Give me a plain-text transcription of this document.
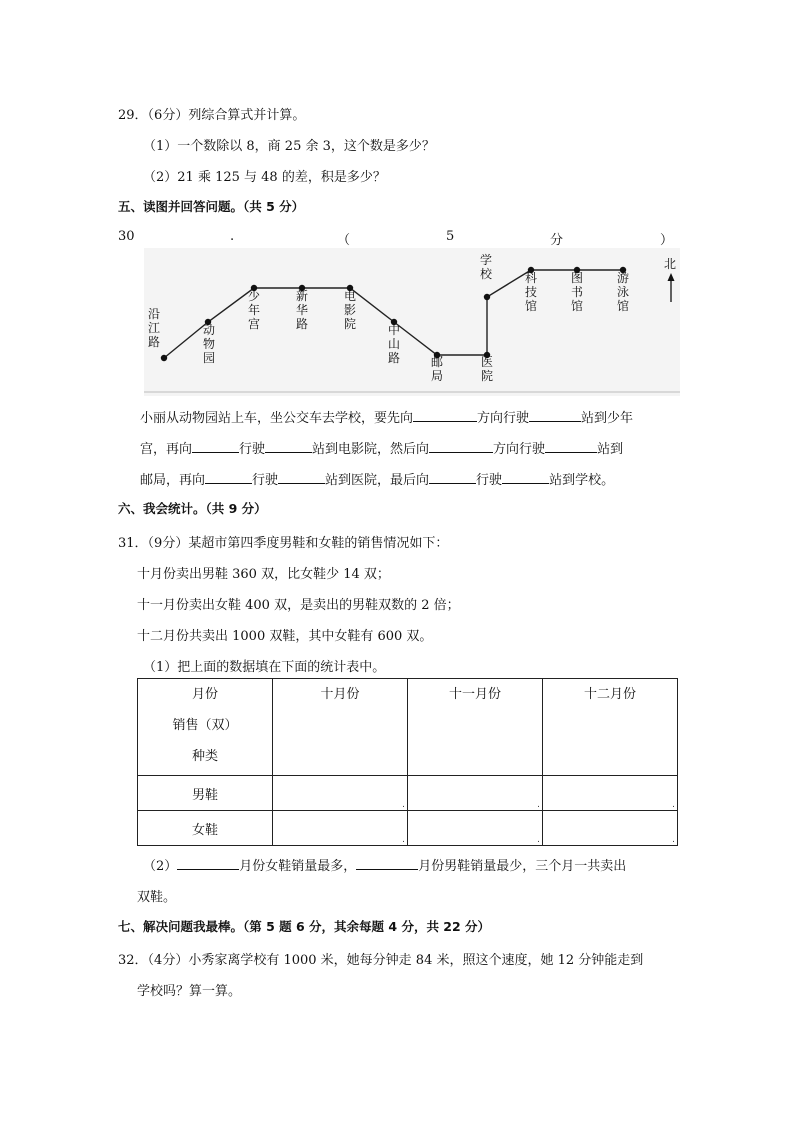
29．（6分）列综合算式并计算。
（1）一个数除以 8，商 25 余 3，这个数是多少？
（2）21 乘 125 与 48 的差，积是多少？
五、读图并回答问题。（共 5 分）
30	.	（	5	分	）
沿江路
动物园
少年宫
新华路
电影院	中山路	邮局
医院
学校	科技馆
图书馆
游泳馆
北
小丽从动物园站上车，坐公交车去学校，要先向	方向行驶	站到少年
宫，再向	行驶	站到电影院，然后向	方向行驶	站到
邮局，再向	行驶	站到医院，最后向	行驶	站到学校。
六、我会统计。（共 9 分）
31．（9分）某超市第四季度男鞋和女鞋的销售情况如下：
十月份卖出男鞋 360 双，比女鞋少 14 双；
十一月份卖出女鞋 400 双，是卖出的男鞋双数的 2 倍；
十二月份共卖出 1000 双鞋，其中女鞋有 600 双。
（1）把上面的数据填在下面的统计表中。
月份
销售（双）
种类	十月份	十一月份	十二月份

男鞋	.	.	.

女鞋	.	.	.
（2）	月份女鞋销量最多，	月份男鞋销量最少，三个月一共卖出
双鞋。
七、解决问题我最棒。（第 5 题 6 分，其余每题 4 分，共 22 分）
32．（4分）小秀家离学校有 1000 米，她每分钟走 84 米，照这个速度，她 12 分钟能走到
学校吗？算一算。
